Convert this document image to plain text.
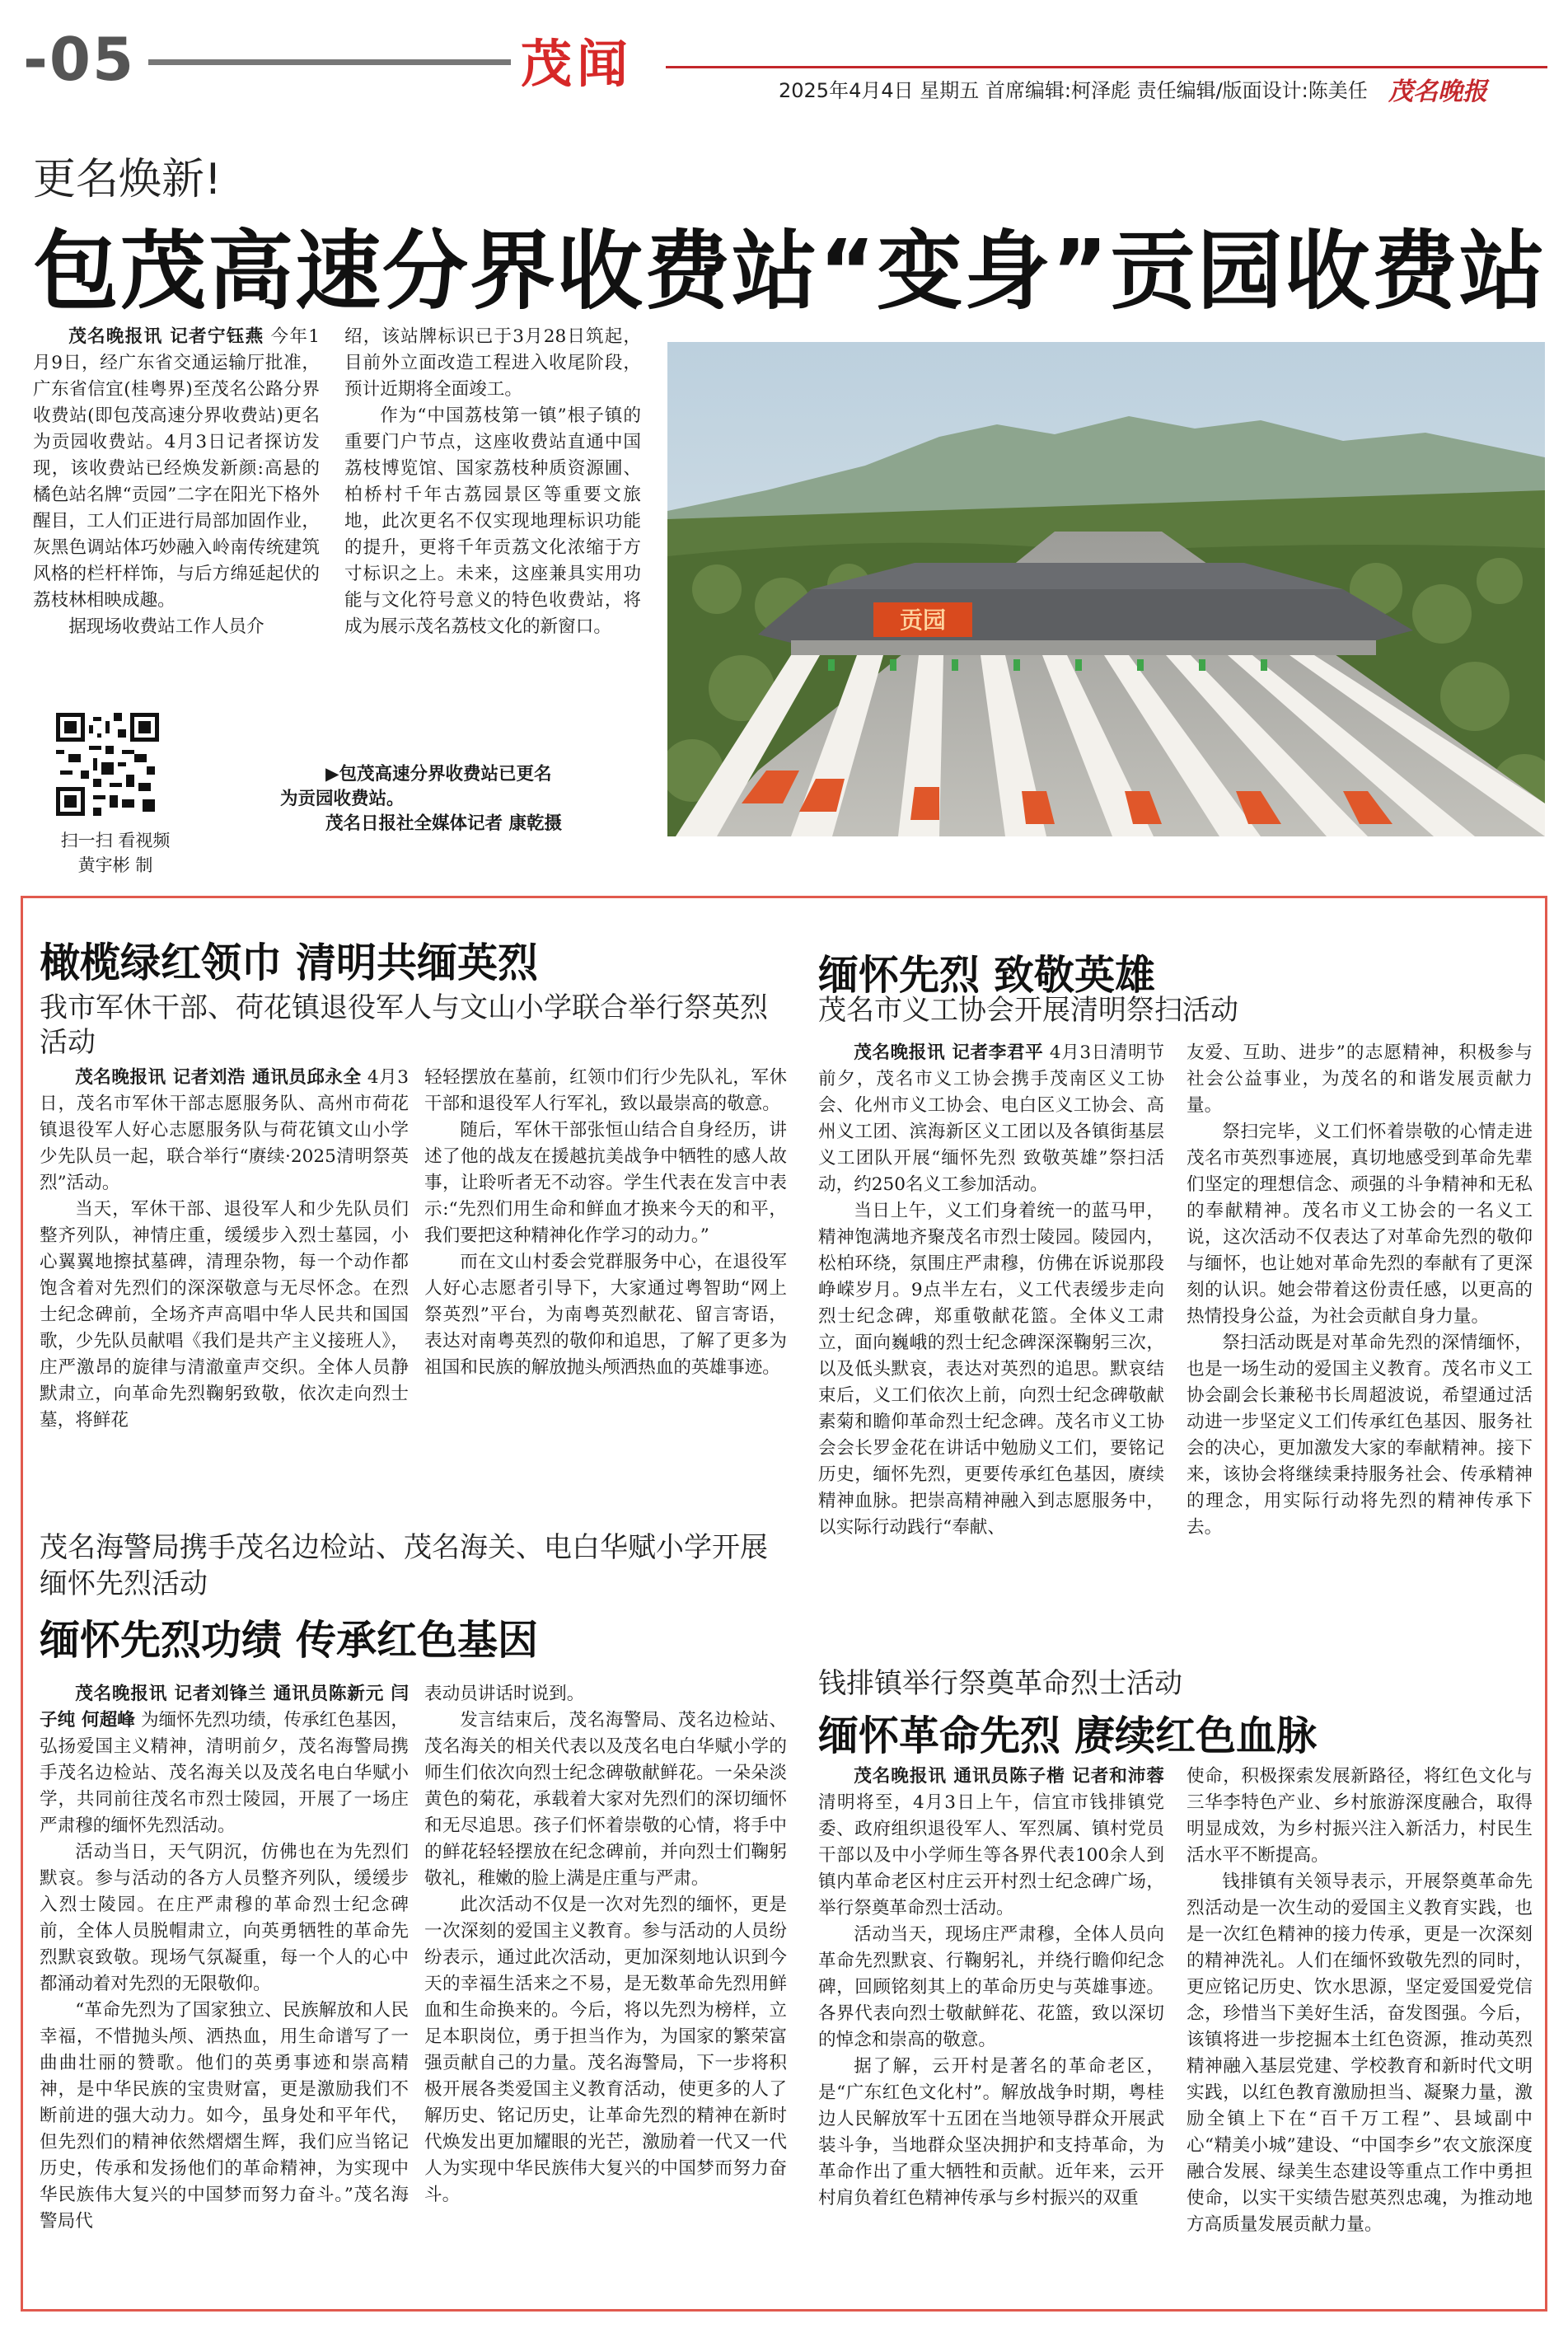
-05	茂闻	2025年4月4日 星期五 首席编辑:柯泽彪 责任编辑/版面设计:陈美任 茂名晚报
更名焕新!
包茂高速分界收费站“变身”贡园收费站

茂名晚报讯 记者宁钰燕 今年1月9日，经广东省交通运输厅批准，广东省信宜(桂粤界)至茂名公路分界收费站(即包茂高速分界收费站)更名为贡园收费站。4月3日记者探访发现，该收费站已经焕发新颜:高悬的橘色站名牌“贡园”二字在阳光下格外醒目，工人们正进行局部加固作业，灰黑色调站体巧妙融入岭南传统建筑风格的栏杆样饰，与后方绵延起伏的荔枝林相映成趣。

据现场收费站工作人员介

绍，该站牌标识已于3月28日筑起，目前外立面改造工程进入收尾阶段，预计近期将全面竣工。

作为“中国荔枝第一镇”根子镇的重要门户节点，这座收费站直通中国荔枝博览馆、国家荔枝种质资源圃、柏桥村千年古荔园景区等重要文旅地，此次更名不仅实现地理标识功能的提升，更将千年贡荔文化浓缩于方寸标识之上。未来，这座兼具实用功能与文化符号意义的特色收费站，将成为展示茂名荔枝文化的新窗口。

扫一扫 看视频
黄宇彬 制
▶包茂高速分界收费站已更名
为贡园收费站。
茂名日报社全媒体记者 康乾摄
贡园
橄榄绿红领巾 清明共缅英烈
我市军休干部、荷花镇退役军人与文山小学联合举行祭英烈活动

茂名晚报讯 记者刘浩 通讯员邱永全 4月3日，茂名市军休干部志愿服务队、高州市荷花镇退役军人好心志愿服务队与荷花镇文山小学少先队员一起，联合举行“赓续·2025清明祭英烈”活动。

当天，军休干部、退役军人和少先队员们整齐列队，神情庄重，缓缓步入烈士墓园，小心翼翼地擦拭墓碑，清理杂物，每一个动作都饱含着对先烈们的深深敬意与无尽怀念。在烈士纪念碑前，全场齐声高唱中华人民共和国国歌，少先队员献唱《我们是共产主义接班人》，庄严激昂的旋律与清澈童声交织。全体人员静默肃立，向革命先烈鞠躬致敬，依次走向烈士墓，将鲜花

轻轻摆放在墓前，红领巾们行少先队礼，军休干部和退役军人行军礼，致以最崇高的敬意。

随后，军休干部张恒山结合自身经历，讲述了他的战友在援越抗美战争中牺牲的感人故事，让聆听者无不动容。学生代表在发言中表示:“先烈们用生命和鲜血才换来今天的和平，我们要把这种精神化作学习的动力。”

而在文山村委会党群服务中心，在退役军人好心志愿者引导下，大家通过粤智助“网上祭英烈”平台，为南粤英烈献花、留言寄语，表达对南粤英烈的敬仰和追思，了解了更多为祖国和民族的解放抛头颅洒热血的英雄事迹。

茂名海警局携手茂名边检站、茂名海关、电白华赋小学开展缅怀先烈活动
缅怀先烈功绩 传承红色基因

茂名晚报讯 记者刘锋兰 通讯员陈新元 闫子纯 何超峰 为缅怀先烈功绩，传承红色基因，弘扬爱国主义精神，清明前夕，茂名海警局携手茂名边检站、茂名海关以及茂名电白华赋小学，共同前往茂名市烈士陵园，开展了一场庄严肃穆的缅怀先烈活动。

活动当日，天气阴沉，仿佛也在为先烈们默哀。参与活动的各方人员整齐列队，缓缓步入烈士陵园。在庄严肃穆的革命烈士纪念碑前，全体人员脱帽肃立，向英勇牺牲的革命先烈默哀致敬。现场气氛凝重，每一个人的心中都涌动着对先烈的无限敬仰。

“革命先烈为了国家独立、民族解放和人民幸福，不惜抛头颅、洒热血，用生命谱写了一曲曲壮丽的赞歌。他们的英勇事迹和崇高精神，是中华民族的宝贵财富，更是激励我们不断前进的强大动力。如今，虽身处和平年代，但先烈们的精神依然熠熠生辉，我们应当铭记历史，传承和发扬他们的革命精神，为实现中华民族伟大复兴的中国梦而努力奋斗。”茂名海警局代

表动员讲话时说到。

发言结束后，茂名海警局、茂名边检站、茂名海关的相关代表以及茂名电白华赋小学的师生们依次向烈士纪念碑敬献鲜花。一朵朵淡黄色的菊花，承载着大家对先烈们的深切缅怀和无尽追思。孩子们怀着崇敬的心情，将手中的鲜花轻轻摆放在纪念碑前，并向烈士们鞠躬敬礼，稚嫩的脸上满是庄重与严肃。

此次活动不仅是一次对先烈的缅怀，更是一次深刻的爱国主义教育。参与活动的人员纷纷表示，通过此次活动，更加深刻地认识到今天的幸福生活来之不易，是无数革命先烈用鲜血和生命换来的。今后，将以先烈为榜样，立足本职岗位，勇于担当作为，为国家的繁荣富强贡献自己的力量。茂名海警局，下一步将积极开展各类爱国主义教育活动，使更多的人了解历史、铭记历史，让革命先烈的精神在新时代焕发出更加耀眼的光芒，激励着一代又一代人为实现中华民族伟大复兴的中国梦而努力奋斗。

缅怀先烈 致敬英雄
茂名市义工协会开展清明祭扫活动

茂名晚报讯 记者李君平 4月3日清明节前夕，茂名市义工协会携手茂南区义工协会、化州市义工协会、电白区义工协会、高州义工团、滨海新区义工团以及各镇街基层义工团队开展“缅怀先烈 致敬英雄”祭扫活动，约250名义工参加活动。

当日上午，义工们身着统一的蓝马甲，精神饱满地齐聚茂名市烈士陵园。陵园内，松柏环绕，氛围庄严肃穆，仿佛在诉说那段峥嵘岁月。9点半左右，义工代表缓步走向烈士纪念碑，郑重敬献花篮。全体义工肃立，面向巍峨的烈士纪念碑深深鞠躬三次，以及低头默哀，表达对英烈的追思。默哀结束后，义工们依次上前，向烈士纪念碑敬献素菊和瞻仰革命烈士纪念碑。茂名市义工协会会长罗金花在讲话中勉励义工们，要铭记历史，缅怀先烈，更要传承红色基因，赓续精神血脉。把崇高精神融入到志愿服务中，以实际行动践行“奉献、

友爱、互助、进步”的志愿精神，积极参与社会公益事业，为茂名的和谐发展贡献力量。

祭扫完毕，义工们怀着崇敬的心情走进茂名市英烈事迹展，真切地感受到革命先辈们坚定的理想信念、顽强的斗争精神和无私的奉献精神。茂名市义工协会的一名义工说，这次活动不仅表达了对革命先烈的敬仰与缅怀，也让她对革命先烈的奉献有了更深刻的认识。她会带着这份责任感，以更高的热情投身公益，为社会贡献自身力量。

祭扫活动既是对革命先烈的深情缅怀，也是一场生动的爱国主义教育。茂名市义工协会副会长兼秘书长周超波说，希望通过活动进一步坚定义工们传承红色基因、服务社会的决心，更加激发大家的奉献精神。接下来，该协会将继续秉持服务社会、传承精神的理念，用实际行动将先烈的精神传承下去。

钱排镇举行祭奠革命烈士活动
缅怀革命先烈 赓续红色血脉

茂名晚报讯 通讯员陈子楷 记者和沛蓉 清明将至，4月3日上午，信宜市钱排镇党委、政府组织退役军人、军烈属、镇村党员干部以及中小学师生等各界代表100余人到镇内革命老区村庄云开村烈士纪念碑广场，举行祭奠革命烈士活动。

活动当天，现场庄严肃穆，全体人员向革命先烈默哀、行鞠躬礼，并绕行瞻仰纪念碑，回顾铭刻其上的革命历史与英雄事迹。各界代表向烈士敬献鲜花、花篮，致以深切的悼念和崇高的敬意。

据了解，云开村是著名的革命老区，是“广东红色文化村”。解放战争时期，粤桂边人民解放军十五团在当地领导群众开展武装斗争，当地群众坚决拥护和支持革命，为革命作出了重大牺牲和贡献。近年来，云开村肩负着红色精神传承与乡村振兴的双重

使命，积极探索发展新路径，将红色文化与三华李特色产业、乡村旅游深度融合，取得明显成效，为乡村振兴注入新活力，村民生活水平不断提高。

钱排镇有关领导表示，开展祭奠革命先烈活动是一次生动的爱国主义教育实践，也是一次红色精神的接力传承，更是一次深刻的精神洗礼。人们在缅怀致敬先烈的同时，更应铭记历史、饮水思源，坚定爱国爱党信念，珍惜当下美好生活，奋发图强。今后，该镇将进一步挖掘本土红色资源，推动英烈精神融入基层党建、学校教育和新时代文明实践，以红色教育激励担当、凝聚力量，激励全镇上下在“百千万工程”、县域副中心“精美小城”建设、“中国李乡”农文旅深度融合发展、绿美生态建设等重点工作中勇担使命，以实干实绩告慰英烈忠魂，为推动地方高质量发展贡献力量。
